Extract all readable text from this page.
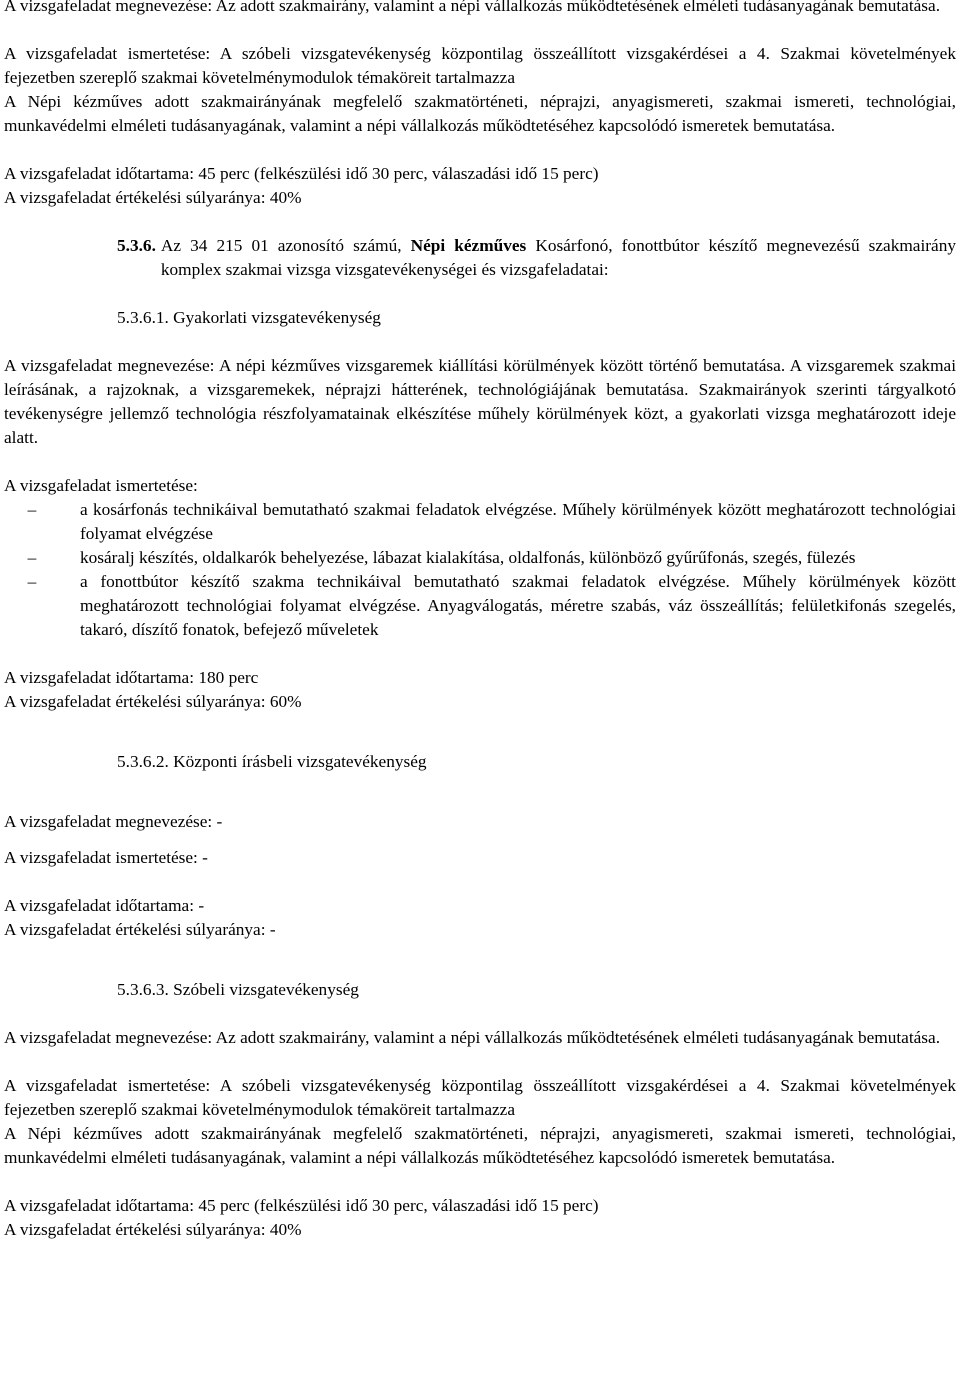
A vizsgafeladat megnevezése: Az adott szakmairány, valamint a népi vállalkozás működtetésének elméleti tudásanyagának bemutatása.

A vizsgafeladat ismertetése: A szóbeli vizsgatevékenység központilag összeállított vizsgakérdései a 4. Szakmai követelmények fejezetben szereplő szakmai követelménymodulok témaköreit tartalmazza

A Népi kézműves adott szakmairányának megfelelő szakmatörténeti, néprajzi, anyagismereti, szakmai ismereti, technológiai, munkavédelmi elméleti tudásanyagának, valamint a népi vállalkozás működtetéséhez kapcsolódó ismeretek bemutatása.

A vizsgafeladat időtartama: 45 perc (felkészülési idő 30 perc, válaszadási idő 15 perc)

A vizsgafeladat értékelési súlyaránya: 40%

5.3.6. Az 34 215 01 azonosító számú, Népi kézműves Kosárfonó, fonottbútor készítő megnevezésű szakmairány komplex szakmai vizsga vizsgatevékenységei és vizsgafeladatai:

5.3.6.1. Gyakorlati vizsgatevékenység

A vizsgafeladat megnevezése: A népi kézműves vizsgaremek kiállítási körülmények között történő bemutatása. A vizsgaremek szakmai leírásának, a rajzoknak, a vizsgaremekek, néprajzi hátterének, technológiájának bemutatása. Szakmairányok szerinti tárgyalkotó tevékenységre jellemző technológia részfolyamatainak elkészítése műhely körülmények közt, a gyakorlati vizsga meghatározott ideje alatt.

A vizsgafeladat ismertetése:

–	a kosárfonás technikáival bemutatható szakmai feladatok elvégzése. Műhely körülmények között meghatározott technológiai folyamat elvégzése
–	kosáralj készítés, oldalkarók behelyezése, lábazat kialakítása, oldalfonás, különböző gyűrűfonás, szegés, fülezés
–	a fonottbútor készítő szakma technikáival bemutatható szakmai feladatok elvégzése. Műhely körülmények között meghatározott technológiai folyamat elvégzése. Anyagválogatás, méretre szabás, váz összeállítás; felületkifonás szegelés, takaró, díszítő fonatok, befejező műveletek

A vizsgafeladat időtartama: 180 perc

A vizsgafeladat értékelési súlyaránya: 60%

5.3.6.2. Központi írásbeli vizsgatevékenység

A vizsgafeladat megnevezése: -

A vizsgafeladat ismertetése: -

A vizsgafeladat időtartama: -

A vizsgafeladat értékelési súlyaránya: -

5.3.6.3. Szóbeli vizsgatevékenység

A vizsgafeladat megnevezése: Az adott szakmairány, valamint a népi vállalkozás működtetésének elméleti tudásanyagának bemutatása.

A vizsgafeladat ismertetése: A szóbeli vizsgatevékenység központilag összeállított vizsgakérdései a 4. Szakmai követelmények fejezetben szereplő szakmai követelménymodulok témaköreit tartalmazza

A Népi kézműves adott szakmairányának megfelelő szakmatörténeti, néprajzi, anyagismereti, szakmai ismereti, technológiai, munkavédelmi elméleti tudásanyagának, valamint a népi vállalkozás működtetéséhez kapcsolódó ismeretek bemutatása.

A vizsgafeladat időtartama: 45 perc (felkészülési idő 30 perc, válaszadási idő 15 perc)

A vizsgafeladat értékelési súlyaránya: 40%
